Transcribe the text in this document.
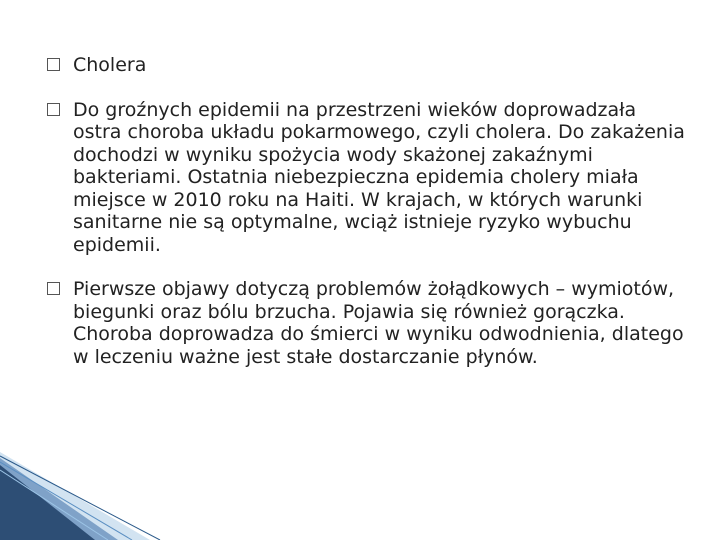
Cholera

Do groźnych epidemii na przestrzeni wieków doprowadzała ostra choroba układu pokarmowego, czyli cholera. Do zakażenia dochodzi w wyniku spożycia wody skażonej zakaźnymi bakteriami. Ostatnia niebezpieczna epidemia cholery miała miejsce w 2010 roku na Haiti. W krajach, w których warunki sanitarne nie są optymalne, wciąż istnieje ryzyko wybuchu epidemii.

Pierwsze objawy dotyczą problemów żołądkowych – wymiotów, biegunki oraz bólu brzucha. Pojawia się również gorączka. Choroba doprowadza do śmierci w wyniku odwodnienia, dlatego w leczeniu ważne jest stałe dostarczanie płynów.
